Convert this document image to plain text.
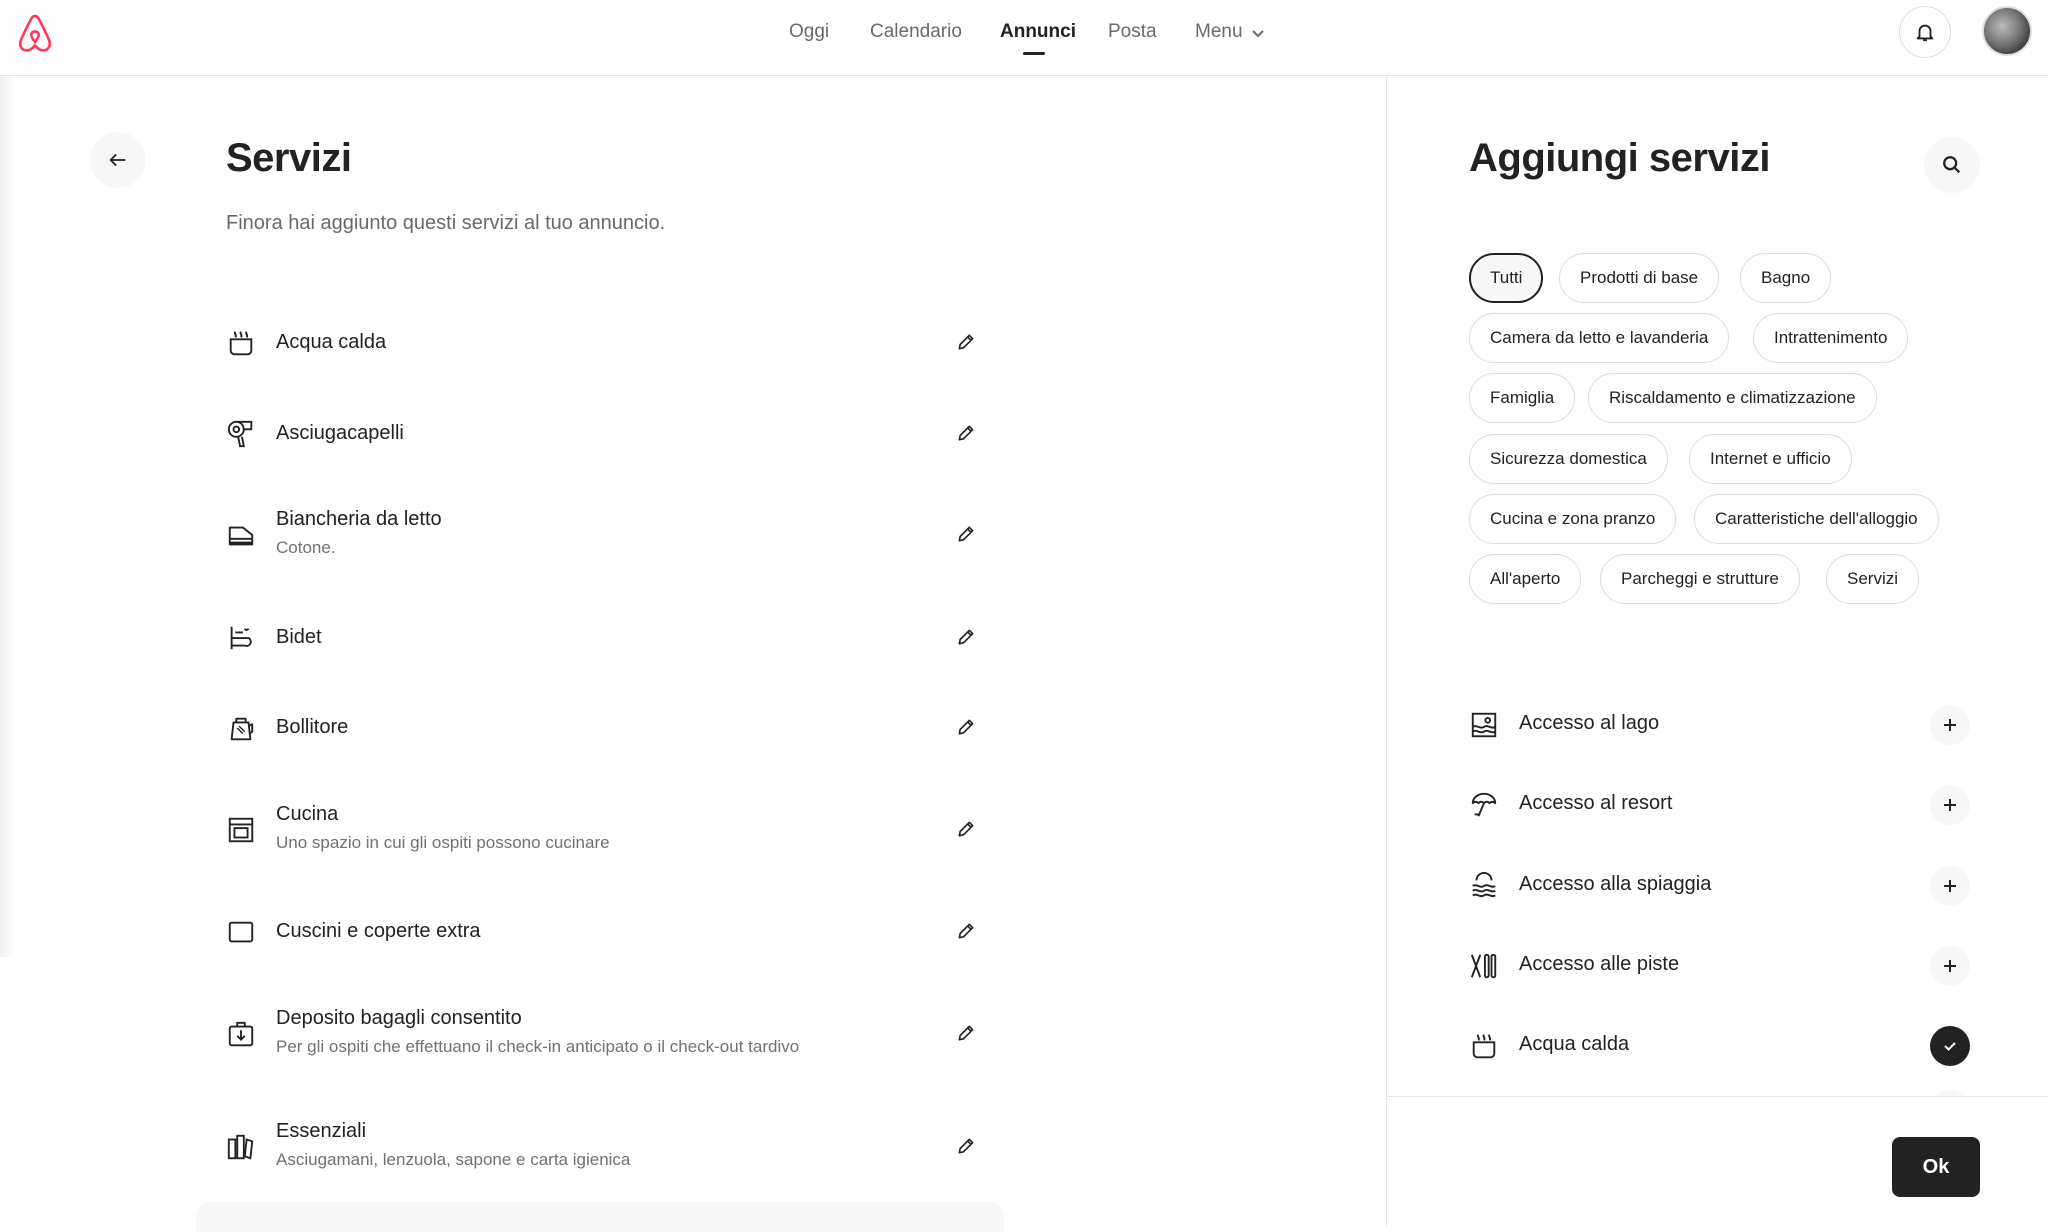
Oggi Calendario Annunci Posta Menu
Servizi
Finora hai aggiunto questi servizi al tuo annuncio.
Acqua calda
Asciugacapelli
Biancheria da letto
Cotone.
Bidet
Bollitore
Cucina
Uno spazio in cui gli ospiti possono cucinare
Cuscini e coperte extra
Deposito bagagli consentito
Per gli ospiti che effettuano il check-in anticipato o il check-out tardivo
Essenziali
Asciugamani, lenzuola, sapone e carta igienica
Aggiungi servizi
Tutti	Prodotti di base	Bagno
Camera da letto e lavanderia	Intrattenimento
Famiglia	Riscaldamento e climatizzazione
Sicurezza domestica	Internet e ufficio
Cucina e zona pranzo	Caratteristiche dell'alloggio
All'aperto	Parcheggi e strutture	Servizi
Accesso al lago
Accesso al resort
Accesso alla spiaggia
Accesso alle piste
Acqua calda
Ok
